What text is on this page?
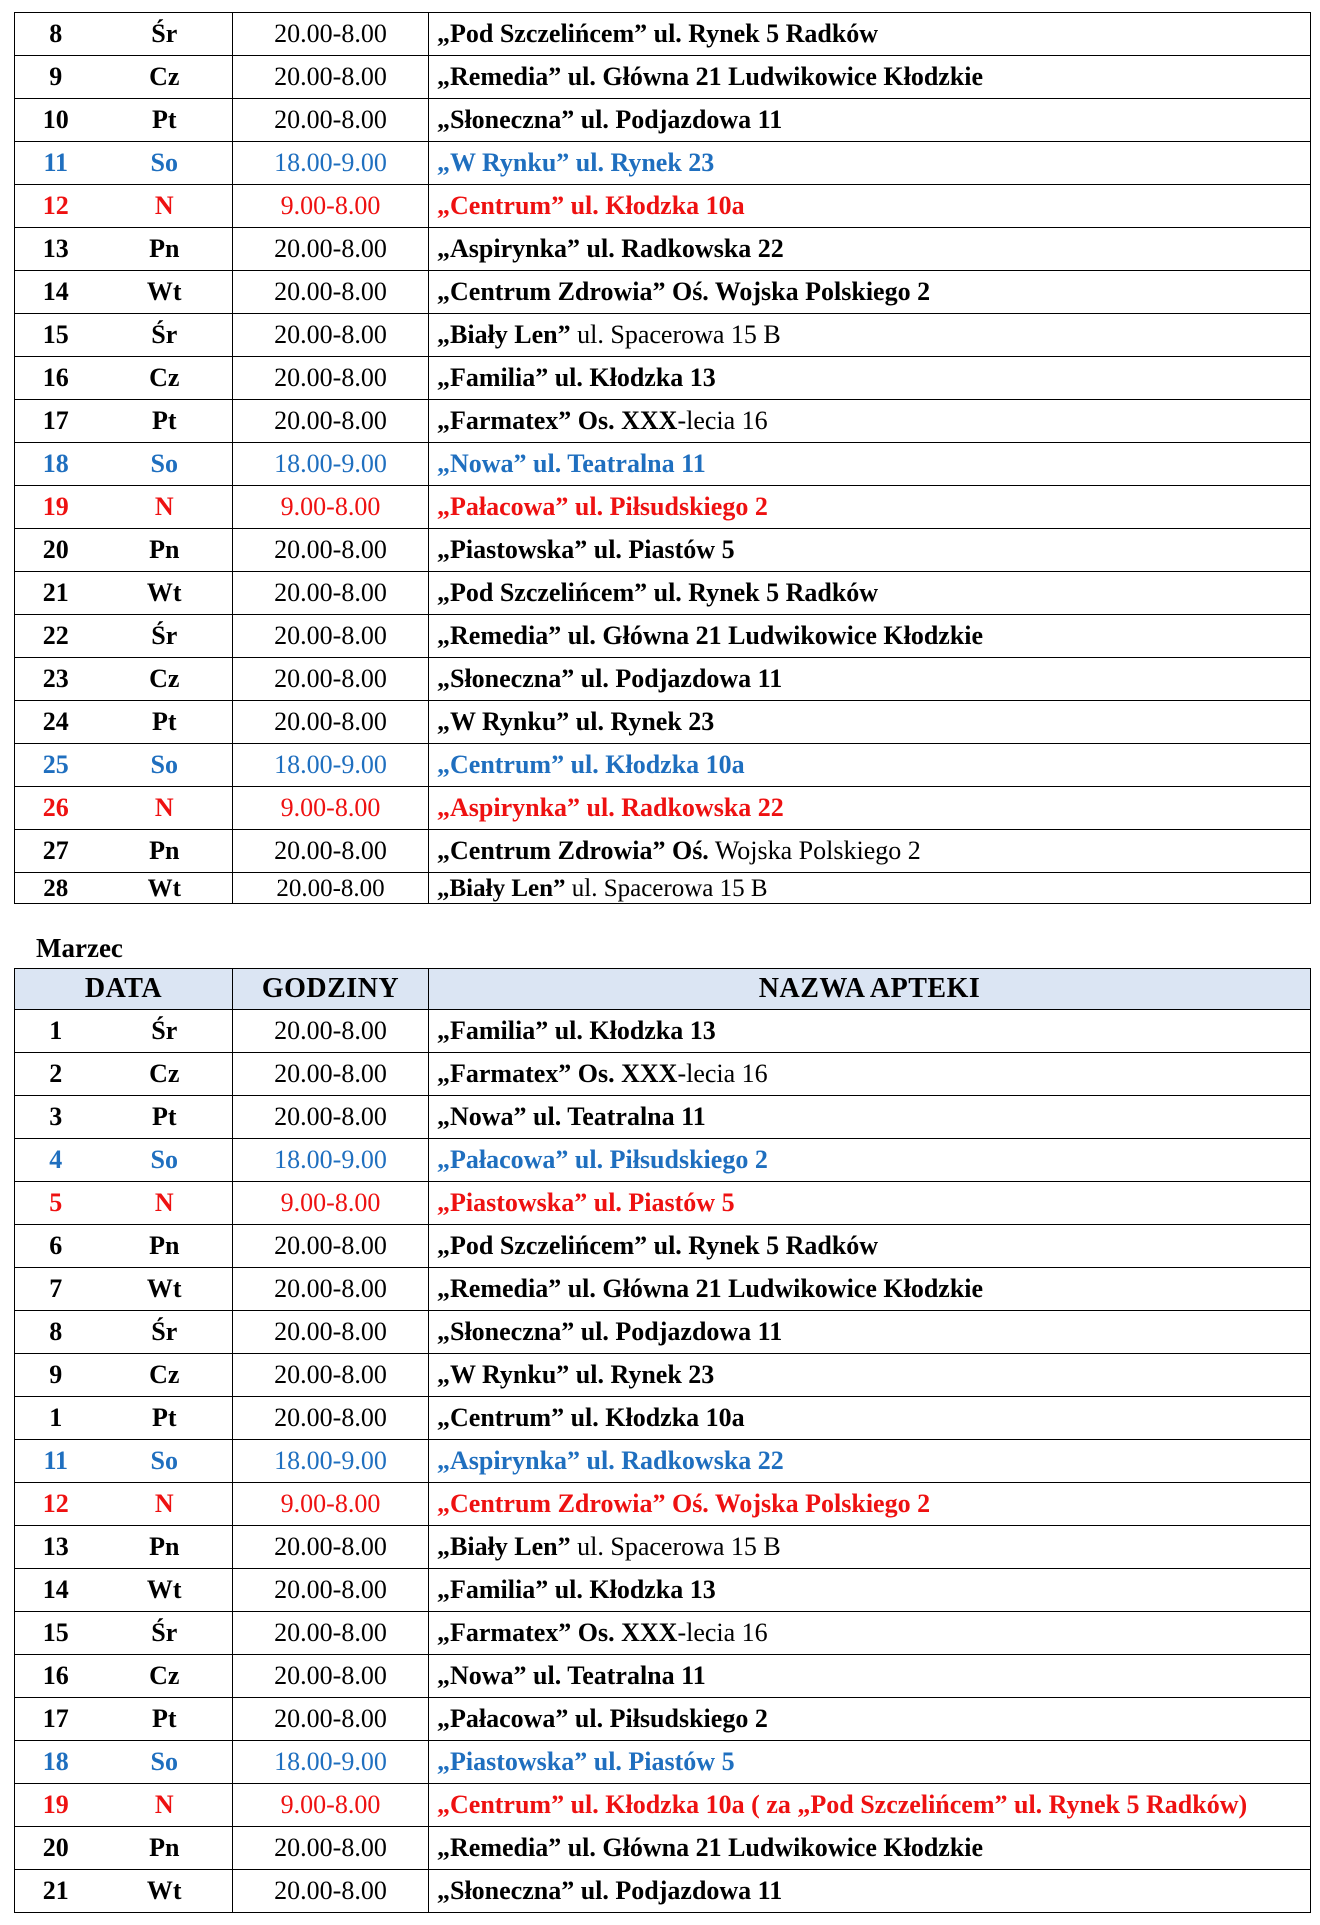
8	Śr	20.00-8.00	„Pod Szczelińcem” ul. Rynek 5 Radków
9	Cz	20.00-8.00	„Remedia” ul. Główna 21 Ludwikowice Kłodzkie
10	Pt	20.00-8.00	„Słoneczna” ul. Podjazdowa 11
11	So	18.00-9.00	„W Rynku” ul. Rynek 23
12	N	9.00-8.00	„Centrum” ul. Kłodzka 10a
13	Pn	20.00-8.00	„Aspirynka” ul. Radkowska 22
14	Wt	20.00-8.00	„Centrum Zdrowia” Oś. Wojska Polskiego 2
15	Śr	20.00-8.00	„Biały Len” ul. Spacerowa 15 B
16	Cz	20.00-8.00	„Familia” ul. Kłodzka 13
17	Pt	20.00-8.00	„Farmatex” Os. XXX-lecia 16
18	So	18.00-9.00	„Nowa” ul. Teatralna 11
19	N	9.00-8.00	„Pałacowa” ul. Piłsudskiego 2
20	Pn	20.00-8.00	„Piastowska” ul. Piastów 5
21	Wt	20.00-8.00	„Pod Szczelińcem” ul. Rynek 5 Radków
22	Śr	20.00-8.00	„Remedia” ul. Główna 21 Ludwikowice Kłodzkie
23	Cz	20.00-8.00	„Słoneczna” ul. Podjazdowa 11
24	Pt	20.00-8.00	„W Rynku” ul. Rynek 23
25	So	18.00-9.00	„Centrum” ul. Kłodzka 10a
26	N	9.00-8.00	„Aspirynka” ul. Radkowska 22
27	Pn	20.00-8.00	„Centrum Zdrowia” Oś. Wojska Polskiego 2
28	Wt	20.00-8.00	„Biały Len” ul. Spacerowa 15 B
Marzec
DATA		GODZINY	NAZWA APTEKI
1	Śr	20.00-8.00	„Familia” ul. Kłodzka 13
2	Cz	20.00-8.00	„Farmatex” Os. XXX-lecia 16
3	Pt	20.00-8.00	„Nowa” ul. Teatralna 11
4	So	18.00-9.00	„Pałacowa” ul. Piłsudskiego 2
5	N	9.00-8.00	„Piastowska” ul. Piastów 5
6	Pn	20.00-8.00	„Pod Szczelińcem” ul. Rynek 5 Radków
7	Wt	20.00-8.00	„Remedia” ul. Główna 21 Ludwikowice Kłodzkie
8	Śr	20.00-8.00	„Słoneczna” ul. Podjazdowa 11
9	Cz	20.00-8.00	„W Rynku” ul. Rynek 23
1	Pt	20.00-8.00	„Centrum” ul. Kłodzka 10a
11	So	18.00-9.00	„Aspirynka” ul. Radkowska 22
12	N	9.00-8.00	„Centrum Zdrowia” Oś. Wojska Polskiego 2
13	Pn	20.00-8.00	„Biały Len” ul. Spacerowa 15 B
14	Wt	20.00-8.00	„Familia” ul. Kłodzka 13
15	Śr	20.00-8.00	„Farmatex” Os. XXX-lecia 16
16	Cz	20.00-8.00	„Nowa” ul. Teatralna 11
17	Pt	20.00-8.00	„Pałacowa” ul. Piłsudskiego 2
18	So	18.00-9.00	„Piastowska” ul. Piastów 5
19	N	9.00-8.00	„Centrum” ul. Kłodzka 10a ( za „Pod Szczelińcem” ul. Rynek 5 Radków)
20	Pn	20.00-8.00	„Remedia” ul. Główna 21 Ludwikowice Kłodzkie
21	Wt	20.00-8.00	„Słoneczna” ul. Podjazdowa 11
